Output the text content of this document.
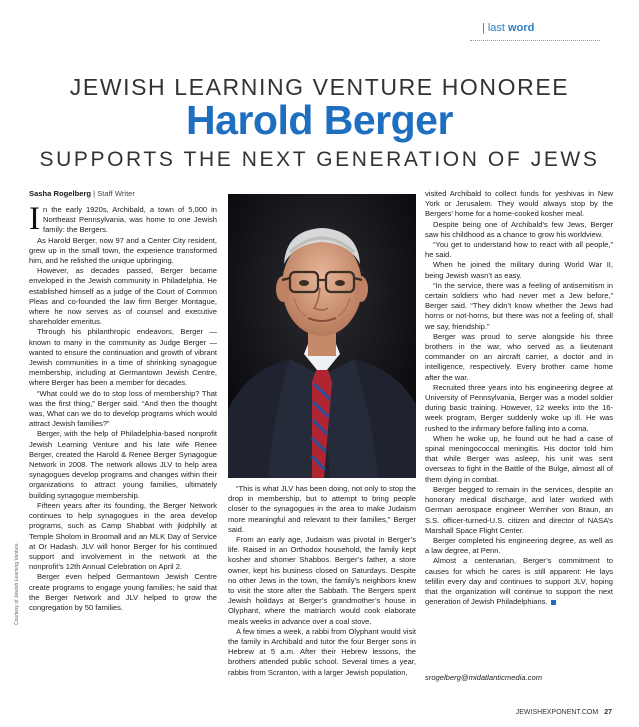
| last word
JEWISH LEARNING VENTURE HONOREE
Harold Berger
SUPPORTS THE NEXT GENERATION OF JEWS
Sasha Rogelberg | Staff Writer
Courtesy of Jewish Learning Venture

In the early 1920s, Archibald, a town of 5,000 in Northeast Pennsylvania, was home to one Jewish family: the Bergers.

As Harold Berger, now 97 and a Center City resident, grew up in the small town, the experience transformed him, and he relished the unique upbringing.

However, as decades passed, Berger became enveloped in the Jewish community in Philadelphia. He established himself as a judge of the Court of Common Pleas and co-founded the law firm Berger Montague, where he now serves as of counsel and executive shareholder emeritus.

Through his philanthropic endeavors, Berger — known to many in the community as Judge Berger — wanted to ensure the continuation and growth of vibrant Jewish communities in a time of shrinking synagogue membership, including at Germantown Jewish Centre, where Berger has been a member for decades.

“What could we do to stop loss of membership? That was the first thing,” Berger said. “And then the thought was, What can we do to develop programs which would attract Jewish families?”

Berger, with the help of Philadelphia-based nonprofit Jewish Learning Venture and his late wife Renee Berger, created the Harold & Renee Berger Synagogue Network in 2008. The network allows JLV to help area synagogues develop programs and changes within their organizations to attract young families, ultimately building synagogue membership.

Fifteen years after its founding, the Berger Network continues to help synagogues in the area develop programs, such as Camp Shabbat with jkidphilly at Temple Sholom in Broomall and an MLK Day of Service at Or Hadash. JLV will honor Berger for his continued support and involvement in the network at the nonprofit’s 12th Annual Celebration on April 2.

Berger even helped Germantown Jewish Centre create programs to engage young families; he said that the Berger Network and JLV helped to grow the congregation by 50 families.

“This is what JLV has been doing, not only to stop the drop in membership, but to attempt to bring people closer to the synagogues in the area to make Judaism more meaningful and relevant to their families,” Berger said.

From an early age, Judaism was pivotal in Berger’s life. Raised in an Orthodox household, the family kept kosher and shomer Shabbos. Berger’s father, a store owner, kept his business closed on Saturdays. Despite no other Jews in the town, the family’s neighbors knew to visit the store after the Sabbath. The Bergers spent Jewish holidays at Berger’s grandmother’s house in Olyphant, where the matriarch would cook elaborate meals weeks in advance over a coal stove.

A few times a week, a rabbi from Olyphant would visit the family in Archibald and tutor the four Berger sons in Hebrew at 5 a.m. After their Hebrew lessons, the brothers attended public school. Several times a year, rabbis from Scranton, with a larger Jewish population,

visited Archibald to collect funds for yeshivas in New York or Jerusalem. They would always stop by the Bergers’ home for a home-cooked kosher meal.

Despite being one of Archibald’s few Jews, Berger saw his childhood as a chance to grow his worldview.

“You get to understand how to react with all people,” he said.

When he joined the military during World War II, being Jewish wasn’t as easy.

“In the service, there was a feeling of antisemitism in certain soldiers who had never met a Jew before,” Berger said. “They didn’t know whether the Jews had horns or not-horns, but there was not a feeling of, shall we say, friendship.”

Berger was proud to serve alongside his three brothers in the war, who served as a lieutenant commander on an aircraft carrier, a doctor and in intelligence, respectively. Every brother came home after the war.

Recruited three years into his engineering degree at University of Pennsylvania, Berger was a model soldier during basic training. However, 12 weeks into the 16-week program, Berger suddenly woke up ill. He was rushed to the infirmary before falling into a coma.

When he woke up, he found out he had a case of spinal meningococcal meningitis. His doctor told him that while Berger was asleep, his unit was sent overseas to fight in the Battle of the Bulge, almost all of them dying in combat.

Berger begged to remain in the services, despite an honorary medical discharge, and later worked with German aerospace engineer Wernher von Braun, an S.S. officer-turned-U.S. citizen and director of NASA’s Marshall Space Flight Center.

Berger completed his engineering degree, as well as a law degree, at Penn.

Almost a centenarian, Berger’s commitment to causes for which he cares is still apparent: He lays tefillin every day and continues to support JLV, hoping that the organization will continue to support the next generation of Jewish Philadelphians.

srogelberg@midatlanticmedia.com
JEWISHEXPONENT.COM 27
